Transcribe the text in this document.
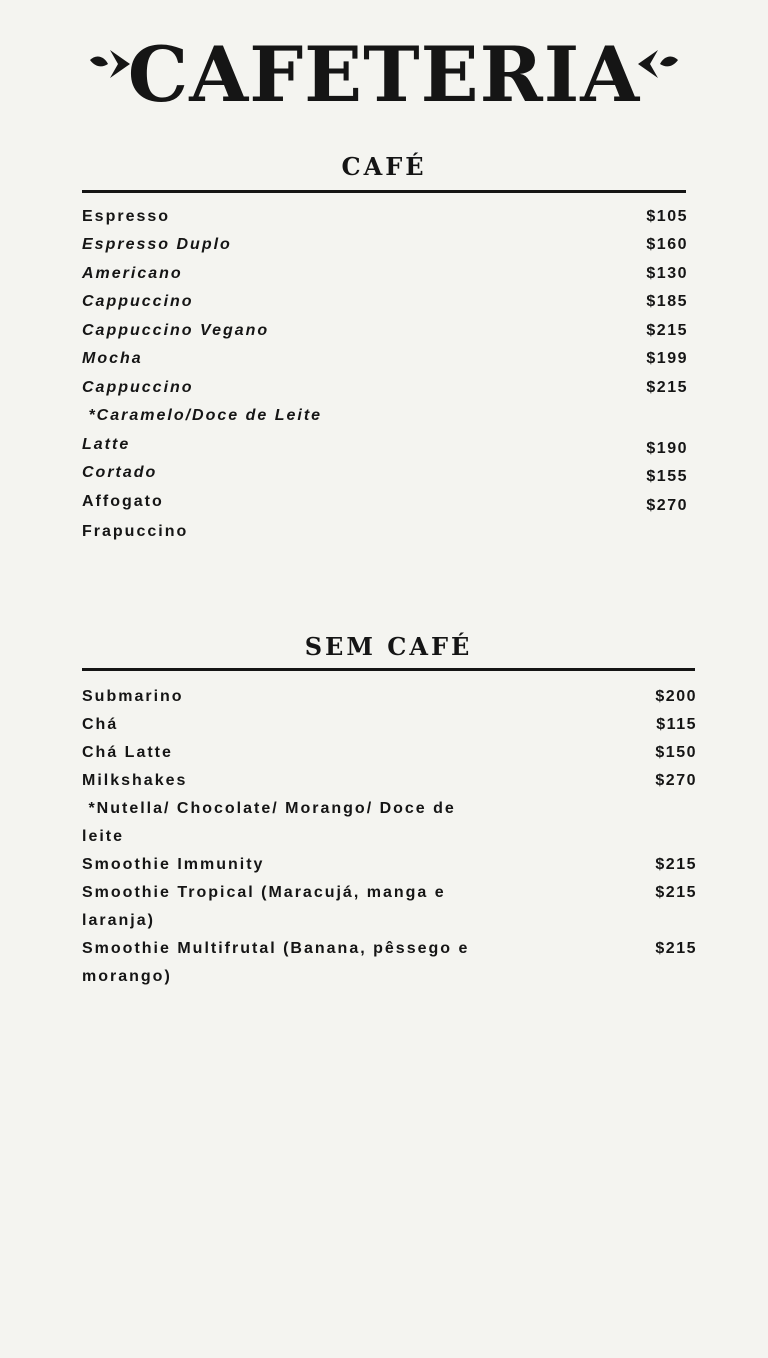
CAFETERIA
CAFÉ
Espresso	$105
Espresso Duplo	$160
Americano	$130
Cappuccino	$185
Cappuccino Vegano	$215
Mocha	$199
Cappuccino	$215
*Caramelo/Doce de Leite
Latte	$190
Cortado	$155
Affogato	$270
Frapuccino
SEM CAFÉ
Submarino	$200
Chá	$115
Chá Latte	$150
Milkshakes	$270
*Nutella/ Chocolate/ Morango/ Doce de
leite
Smoothie Immunity	$215
Smoothie Tropical (Maracujá, manga e	$215
laranja)
Smoothie Multifrutal (Banana, pêssego e	$215
morango)
